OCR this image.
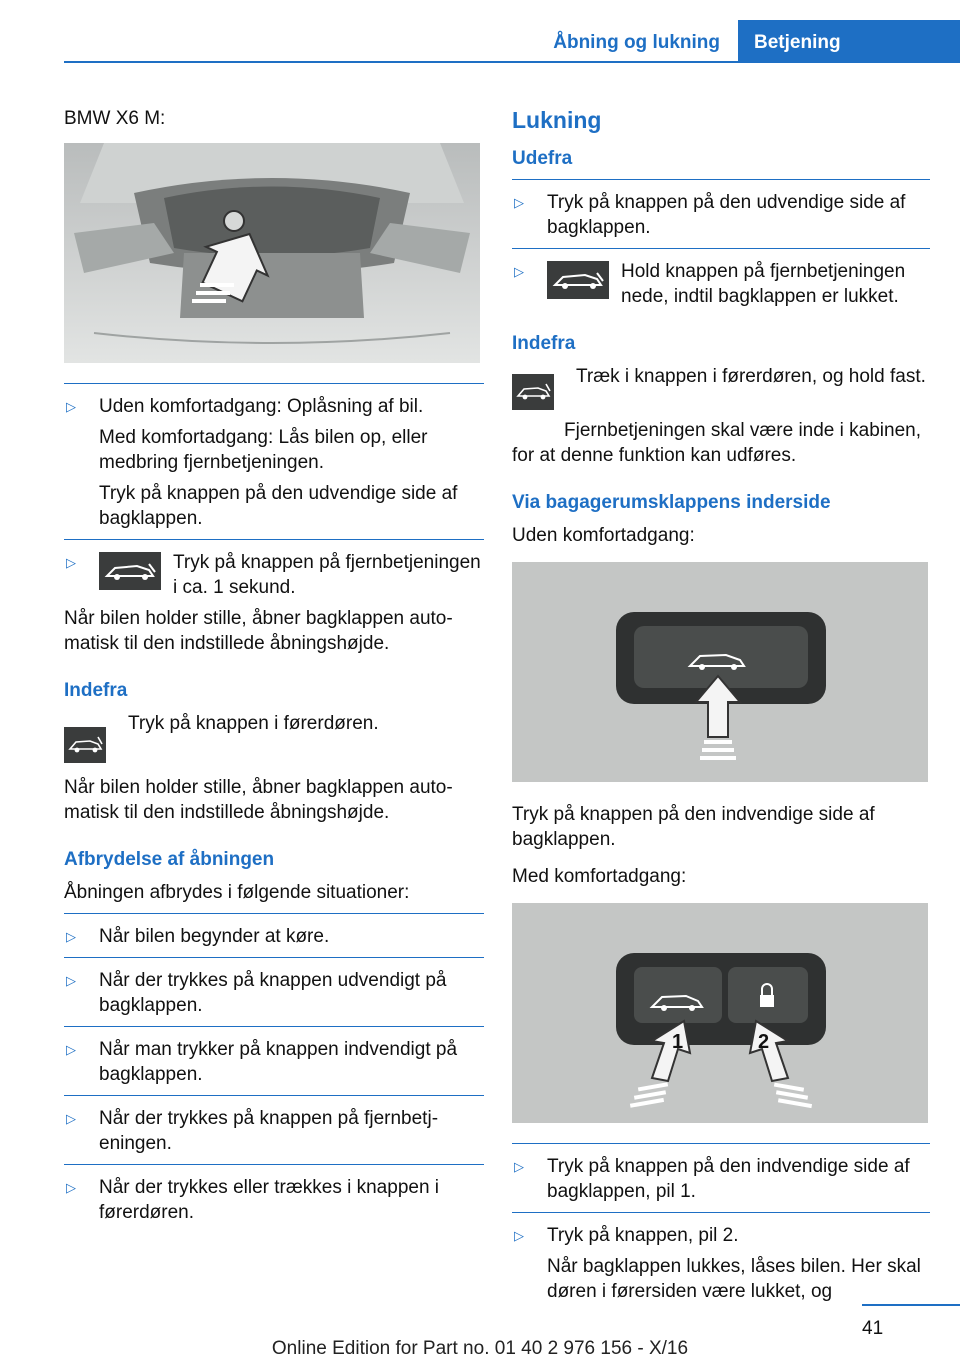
Åbning og lukning	Betjening

BMW X6 M:

▷ Uden komfortadgang: Oplåsning af bil.
Med komfortadgang: Lås bilen op, eller medbring fjernbetjeningen.
Tryk på knappen på den udvendige side af bagklappen.
▷	Tryk på knappen på fjernbetjeningen i ca. 1 sekund.

Når bilen holder stille, åbner bagklappen automatisk til den indstillede åbningshøjde.

Indefra
Tryk på knappen i førerdøren.

Når bilen holder stille, åbner bagklappen automatisk til den indstillede åbningshøjde.

Afbrydelse af åbningen

Åbningen afbrydes i følgende situationer:

▷ Når bilen begynder at køre.
▷ Når der trykkes på knappen udvendigt på bagklappen.
▷ Når man trykker på knappen indvendigt på bagklappen.
▷ Når der trykkes på knappen på fjernbetjeningen.
▷ Når der trykkes eller trækkes i knappen i førerdøren.
Lukning
Udefra
▷ Tryk på knappen på den udvendige side af bagklappen.
▷	Hold knappen på fjernbetjeningen nede, indtil bagklappen er lukket.
Indefra
Træk i knappen i førerdøren, og hold fast.

Fjernbetjeningen skal være inde i kabinen, for at denne funktion kan udføres.

Via bagagerumsklappens inderside

Uden komfortadgang:

Tryk på knappen på den indvendige side af bagklappen.

Med komfortadgang:

1	2
▷ Tryk på knappen på den indvendige side af bagklappen, pil 1.
▷ Tryk på knappen, pil 2.
Når bagklappen lukkes, låses bilen. Her skal døren i førersiden være lukket, og
41
Online Edition for Part no. 01 40 2 976 156 - X/16
